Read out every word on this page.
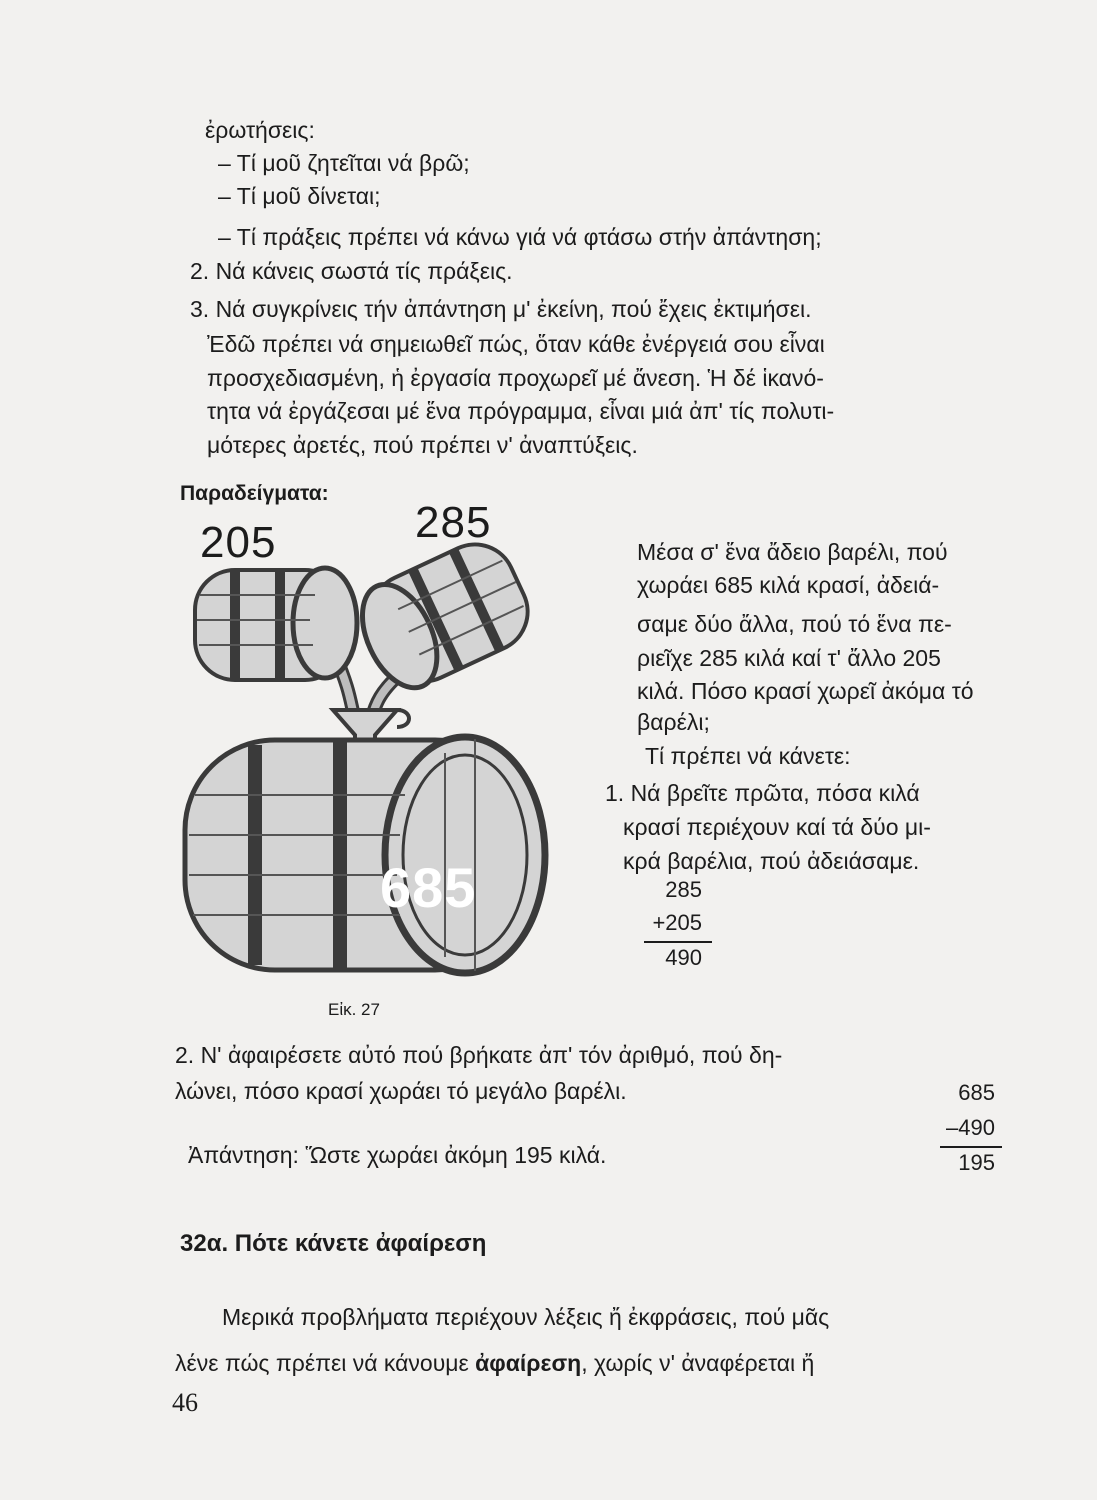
ἐρωτήσεις:
– Τί μοῦ ζητεῖται νά βρῶ;
– Τί μοῦ δίνεται;
– Τί πράξεις πρέπει νά κάνω γιά νά φτάσω στήν ἀπάντηση;
2. Νά κάνεις σωστά τίς πράξεις.
3. Νά συγκρίνεις τήν ἀπάντηση μ' ἐκείνη, πού ἔχεις ἐκτιμήσει.
Ἐδῶ πρέπει νά σημειωθεῖ πώς, ὅταν κάθε ἐνέργειά σου εἶναι
προσχεδιασμένη, ἡ ἐργασία προχωρεῖ μέ ἄνεση. Ἡ δέ ἱκανό-
τητα νά ἐργάζεσαι μέ ἕνα πρόγραμμα, εἶναι μιά ἀπ' τίς πολυτι-
μότερες ἀρετές, πού πρέπει ν' ἀναπτύξεις.
Παραδείγματα:
205	285
685
Εἰκ. 27
Μέσα σ' ἕνα ἄδειο βαρέλι, πού
χωράει 685 κιλά κρασί, ἀδειά-
σαμε δύο ἄλλα, πού τό ἕνα πε-
ριεῖχε 285 κιλά καί τ' ἄλλο 205
κιλά. Πόσο κρασί χωρεῖ ἀκόμα τό
βαρέλι;
Τί πρέπει νά κάνετε:
1. Νά βρεῖτε πρῶτα, πόσα κιλά
κρασί περιέχουν καί τά δύο μι-
κρά βαρέλια, πού ἀδειάσαμε.
285
+205
490
2. Ν' ἀφαιρέσετε αὐτό πού βρήκατε ἀπ' τόν ἀριθμό, πού δη-
λώνει, πόσο κρασί χωράει τό μεγάλο βαρέλι.	685
–490
195
Ἀπάντηση: Ὥστε χωράει ἀκόμη 195 κιλά.
32α. Πότε κάνετε ἀφαίρεση
Μερικά προβλήματα περιέχουν λέξεις ἤ ἐκφράσεις, πού μᾶς
λένε πώς πρέπει νά κάνουμε ἀφαίρεση, χωρίς ν' ἀναφέρεται ἤ
46
